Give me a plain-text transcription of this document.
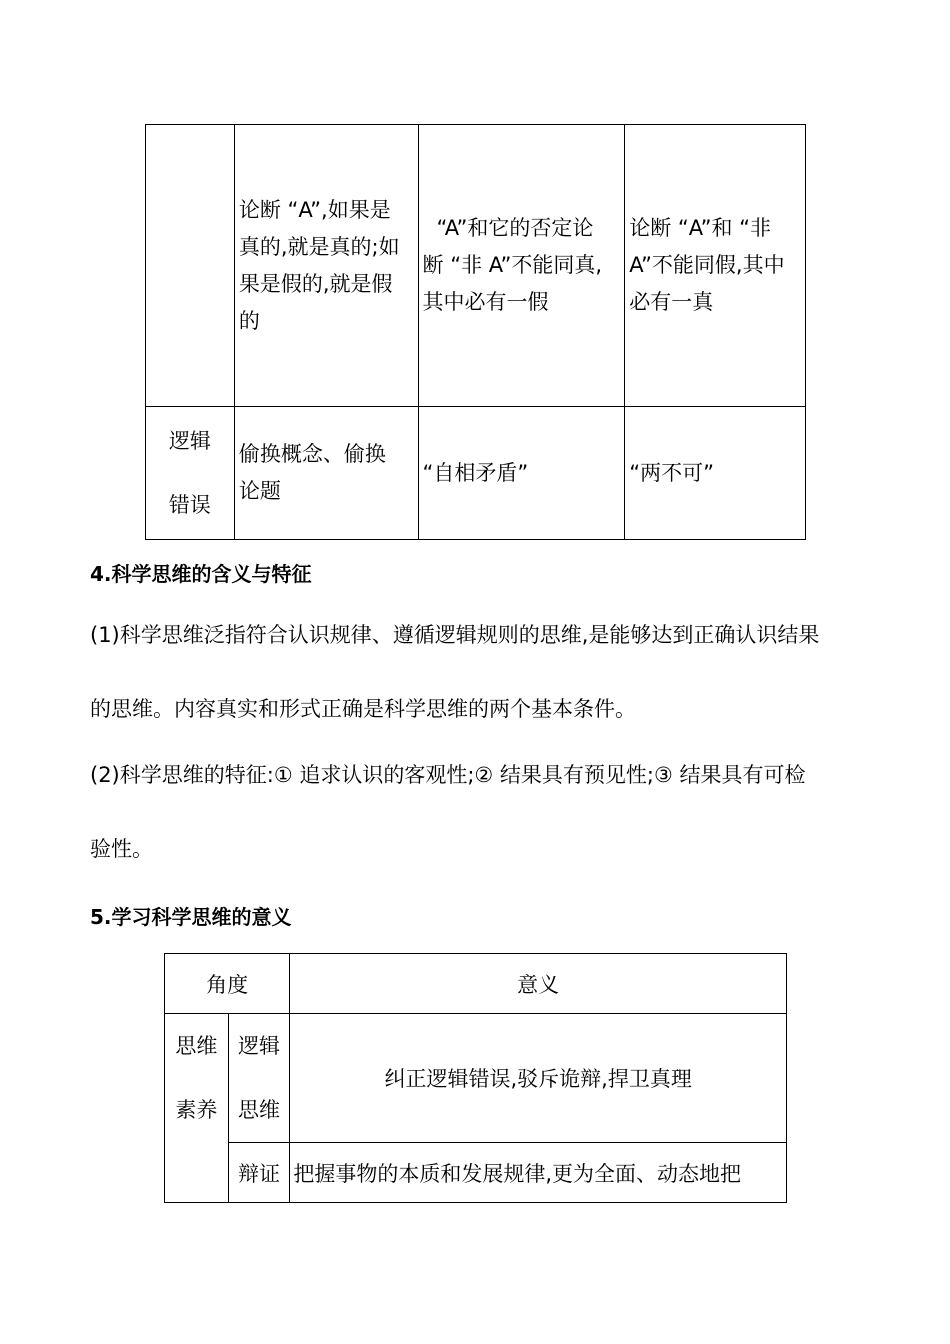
	论断 “A”,如果是
真的,就是真的;如
果是假的,就是假
的	“A”和它的否定论
断 “非 A”不能同真,
其中必有一假	论断 “A”和 “非
A”不能同假,其中
必有一真

逻辑
错误	偷换概念、偷换
论题	“自相矛盾”	“两不可”
4.科学思维的含义与特征
(1)科学思维泛指符合认识规律、遵循逻辑规则的思维,是能够达到正确认识结果
的思维。内容真实和形式正确是科学思维的两个基本条件。
(2)科学思维的特征:① 追求认识的客观性;② 结果具有预见性;③ 结果具有可检
验性。
5.学习科学思维的意义
角度		意义

思维
素养	逻辑
思维	纠正逻辑错误,驳斥诡辩,捍卫真理
	辩证	把握事物的本质和发展规律,更为全面、动态地把
